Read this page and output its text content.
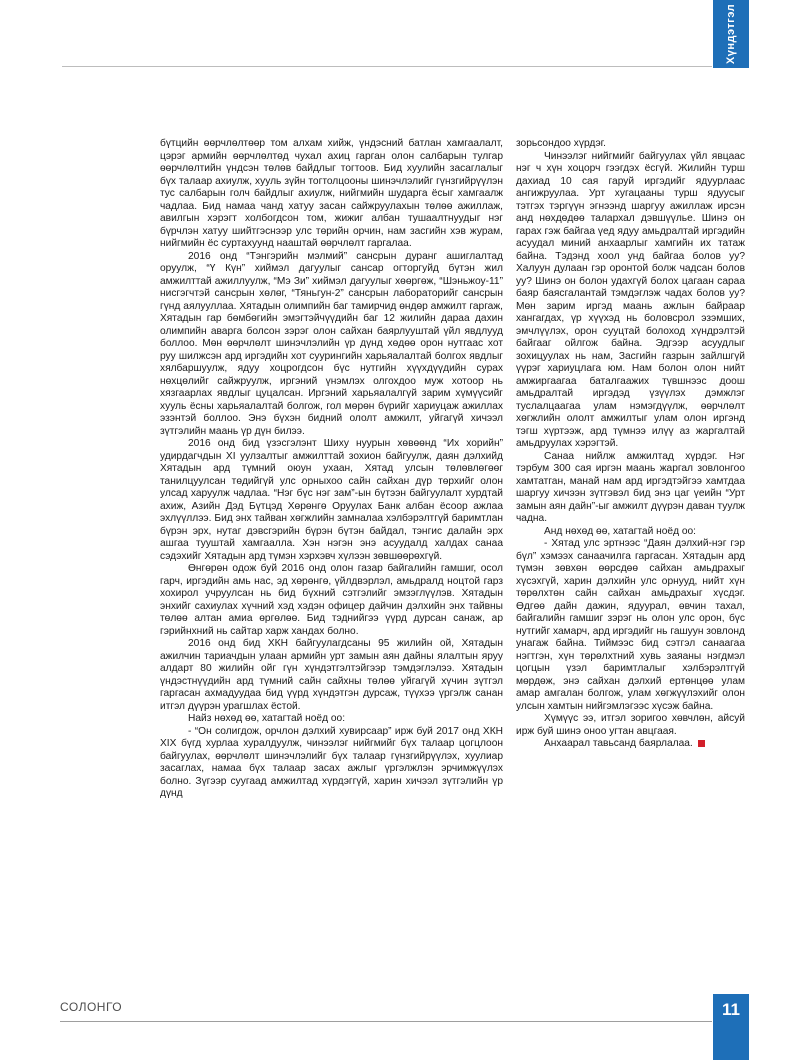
Хүндэтгэл

бүтцийн өөрчлөлтөөр том алхам хийж, үндэсний батлан хамгаалалт, цэрэг армийн өөрчлөлтөд чухал ахиц гарган олон салбарын тулгар өөрчлөлтийн үндсэн төлөв байдлыг тогтоов. Бид хуулийн засаглалыг бүх талаар ахиулж, хууль зүйн тогтолцооны шинэчлэлийг гүнзгийрүүлэн тус салбарын голч байдлыг ахиулж, нийгмийн шударга ёсыг хамгаалж чадлаа. Бид намаа чанд хатуу засан сайжруулахын төлөө ажиллаж, авилгын хэрэгт холбогдсон том, жижиг албан тушаалтнуудыг нэг бүрчлэн хатуу шийтгэснээр улс төрийн орчин, нам засгийн хэв журам, нийгмийн ёс суртахуунд нааштай өөрчлөлт гаргалаа.

2016 онд “Тэнгэрийн мэлмий” сансрын дуранг ашиглалтад оруулж, “Ү Күн” хиймэл дагуулыг сансар огторгуйд бүтэн жил амжилттай ажиллуулж, “Мэ Зи” хиймэл дагуулыг хөөргөж, “Шэньжоу-11” нисгэгчтэй сансрын хөлөг, “Тяньгун-2” сансрын лабораторийг сансрын гүнд аялууллаа. Хятадын олимпийн баг тамирчид өндөр амжилт гаргаж, Хятадын гар бөмбөгийн эмэгтэйчүүдийн баг 12 жилийн дараа дахин олимпийн аварга болсон зэрэг олон сайхан баярлууштай үйл явдлууд боллоо. Мөн өөрчлөлт шинэчлэлийн үр дүнд хөдөө орон нутгаас хот руу шилжсэн ард иргэдийн хот суурингийн харьяалалтай болгох явдлыг хялбаршуулж, ядуу хоцрогдсон бүс нутгийн хүүхдүүдийн сурах нөхцөлийг сайжруулж, иргэний үнэмлэх олгохдоо муж хотоор нь хязгаарлах явдлыг цуцалсан. Иргэний харьяалалгүй зарим хүмүүсийг хууль ёсны харьяалалтай болгож, гол мөрөн бүрийг хариуцаж ажиллах эзэнтэй боллоо. Энэ бүхэн бидний ололт амжилт, уйгагүй хичээл зүтгэлийн маань үр дүн билээ.

2016 онд бид үзэсгэлэнт Шиху нуурын хөвөөнд “Их хорийн” удирдагчдын XI уулзалтыг амжилттай зохион байгуулж, даян дэлхийд Хятадын ард түмний оюун ухаан, Хятад улсын төлөвлөгөөг танилцуулсан төдийгүй улс орныхоо сайн сайхан дүр төрхийг олон улсад харуулж чадлаа. “Нэг бүс нэг зам”-ын бүтээн байгуулалт хурдтай ахиж, Азийн Дэд Бүтцэд Хөрөнгө Оруулах Банк албан ёсоор ажлаа эхлүүллээ. Бид энх тайван хөгжлийн замналаа хэлбэрэлтгүй баримтлан бүрэн эрх, нутаг дэвсгэрийн бүрэн бүтэн байдал, тэнгис далайн эрх ашгаа тууштай хамгаалла. Хэн нэгэн энэ асуудалд халдах санаа сэдэхийг Хятадын ард түмэн хэрхэвч хүлээн зөвшөөрөхгүй.

Өнгөрөн одож буй 2016 онд олон газар байгалийн гамшиг, осол гарч, иргэдийн амь нас, эд хөрөнгө, үйлдвэрлэл, амьдралд ноцтой гарз хохирол учруулсан нь бид бүхний сэтгэлийг эмзэглүүлэв. Хятадын энхийг сахиулах хүчний хэд хэдэн офицер дайчин дэлхийн энх тайвны төлөө алтан амиа өргөлөө. Бид тэднийгээ үүрд дурсан санаж, ар гэрийнхний нь сайтар харж хандах болно.

2016 онд бид ХКН байгуулагдсаны 95 жилийн ой, Хятадын ажилчин тариачдын улаан армийн урт замын аян дайны ялалтын яруу алдарт 80 жилийн ойг гүн хүндэтгэлтэйгээр тэмдэглэлээ. Хятадын үндэстнүүдийн ард түмний сайн сайхны төлөө уйгагүй хүчин зүтгэл гаргасан ахмадуудаа бид үүрд хүндэтгэн дурсаж, түүхээ үргэлж санан итгэл дүүрэн урагшлах ёстой.

Найз нөхөд өө, хатагтай ноёд оо:

- “Он солигдож, орчлон дэлхий хувирсаар” ирж буй 2017 онд ХКН XIX бүгд хурлаа хуралдуулж, чинээлэг нийгмийг бүх талаар цогцлоон байгуулах, өөрчлөлт шинэчлэлийг бүх талаар гүнзгийрүүлэх, хуулиар засаглах, намаа бүх талаар засах ажлыг үргэлжлэн эрчимжүүлэх болно. Зүгээр суугаад амжилтад хүрдэггүй, харин хичээл зүтгэлийн үр дүнд

зорьсондоо хүрдэг.

Чинээлэг нийгмийг байгуулах үйл явцаас нэг ч хүн хоцорч гээгдэх ёсгүй. Жилийн турш дахиад 10 сая гаруй иргэдийг ядуурлаас ангижруулаа. Урт хугацааны турш ядуусыг тэтгэх тэргүүн эгнээнд шаргуу ажиллаж ирсэн анд нөхдөдөө талархал дэвшүүлье. Шинэ он гарах гэж байгаа үед ядуу амьдралтай иргэдийн асуудал миний анхаарлыг хамгийн их татаж байна. Тэдэнд хоол унд байгаа болов уу? Халуун дулаан гэр оронтой болж чадсан болов уу? Шинэ он болон удахгүй болох цагаан сараа баяр баясгалантай тэмдэглэж чадах болов уу? Мөн зарим иргэд маань ажлын байраар хангагдах, үр хүүхэд нь боловсрол эзэмших, эмчлүүлэх, орон сууцтай болоход хүндрэлтэй байгааг ойлгож байна. Эдгээр асуудлыг зохицуулах нь нам, Засгийн газрын зайлшгүй үүрэг хариуцлага юм. Нам болон олон нийт амжиргаагаа баталгаажих түвшнээс доош амьдралтай иргэдэд үзүүлэх дэмжлэг туслалцаагаа улам нэмэгдүүлж, өөрчлөлт хөгжлийн ололт амжилтыг улам олон иргэнд тэгш хүртээж, ард түмнээ илүү аз жаргалтай амьдруулах хэрэгтэй.

Санаа нийлж амжилтад хүрдэг. Нэг тэрбум 300 сая иргэн маань жаргал зовлонгоо хамтатган, манай нам ард иргэдтэйгээ хамтдаа шаргуу хичээн зүтгэвэл бид энэ цаг үеийн “Урт замын аян дайн”-ыг амжилт дүүрэн даван туулж чадна.

Анд нөхөд өө, хатагтай ноёд оо:

- Хятад улс эртнээс “Даян дэлхий-нэг гэр бүл” хэмээх санаачилга гаргасан. Хятадын ард түмэн зөвхөн өөрсдөө сайхан амьдрахыг хүсэхгүй, харин дэлхийн улс орнууд, нийт хүн төрөлхтөн сайн сайхан амьдрахыг хүсдэг. Өдгөө дайн дажин, ядуурал, өвчин тахал, байгалийн гамшиг зэрэг нь олон улс орон, бүс нутгийг хамарч, ард иргэдийг нь гашуун зовлонд унагаж байна. Тиймээс бид сэтгэл санаагаа нэгтгэн, хүн төрөлхтний хувь заяаны нэгдмэл цогцын үзэл баримтлалыг хэлбэрэлтгүй мөрдөж, энэ сайхан дэлхий ертөнцөө улам амар амгалан болгож, улам хөгжүүлэхийг олон улсын хамтын нийгэмлэгээс хүсэж байна.

Хүмүүс ээ, итгэл зоригоо хөвчлөн, айсуй ирж буй шинэ оноо угтан авцгаая.

Анхаарал тавьсанд баярлалаа.

СОЛОНГО	11
